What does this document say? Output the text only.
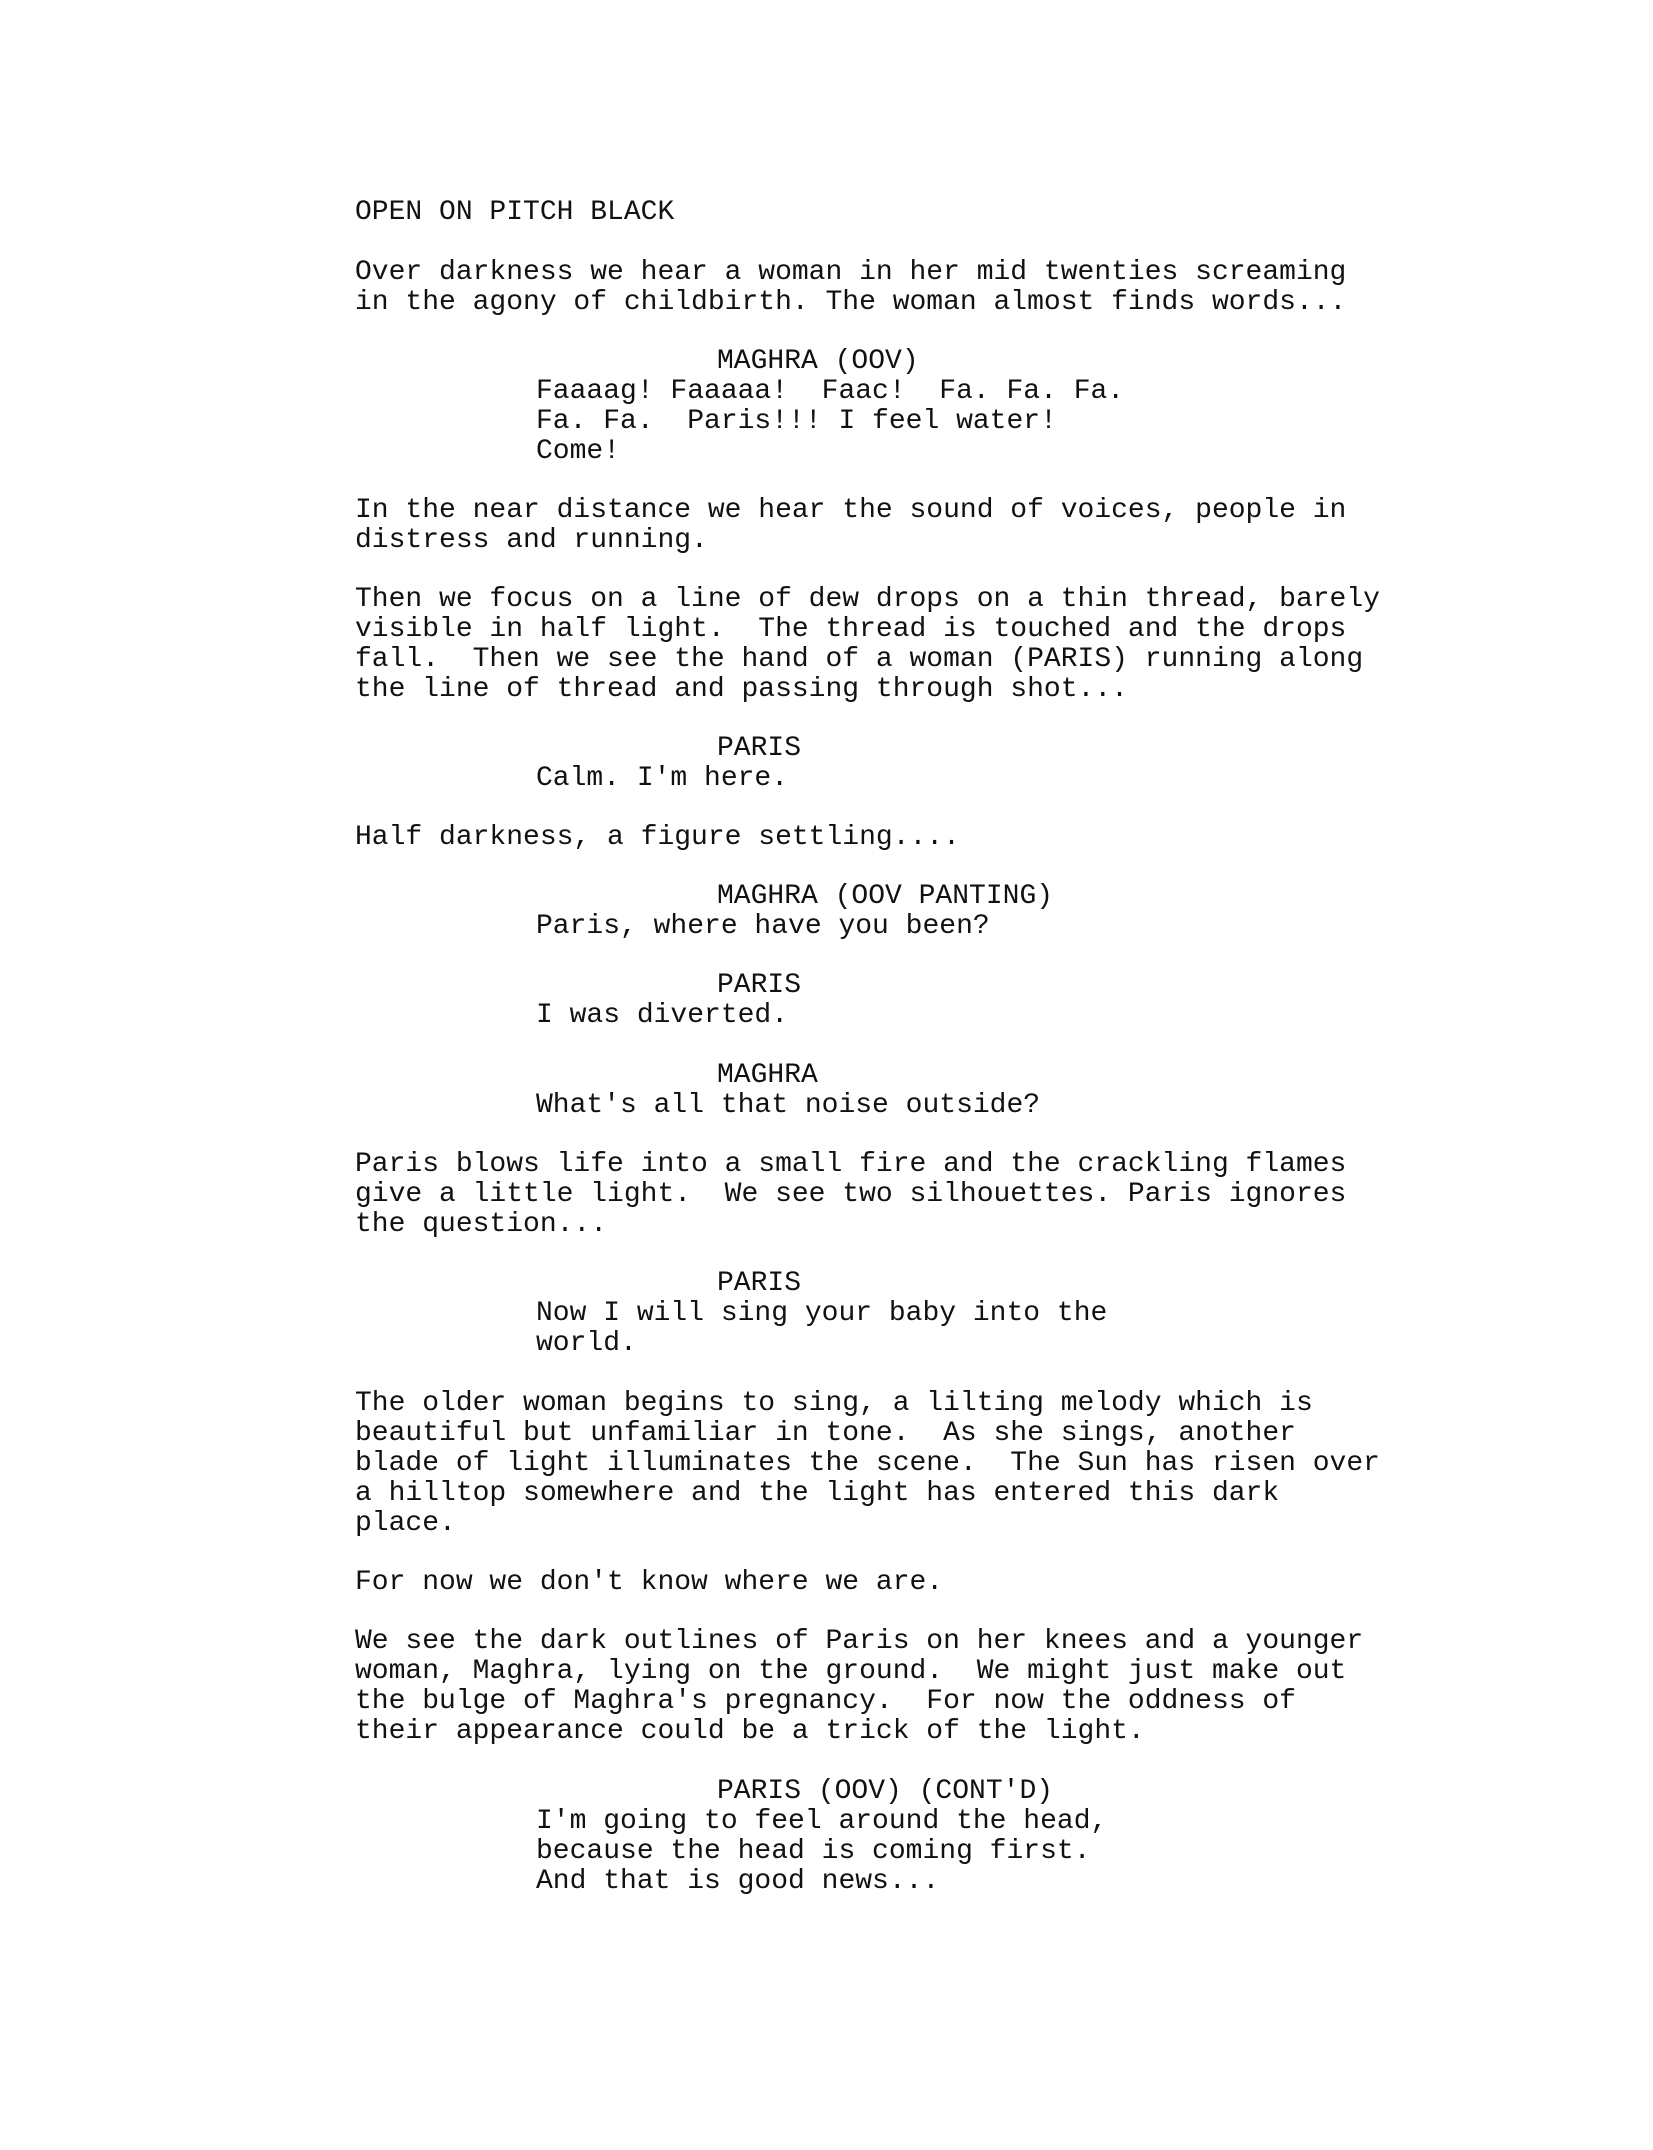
OPEN ON PITCH BLACK
Over darkness we hear a woman in her mid twenties screaming
in the agony of childbirth. The woman almost finds words...
MAGHRA (OOV)
Faaaag! Faaaaa!  Faac!  Fa. Fa. Fa.
Fa. Fa.  Paris!!! I feel water!
Come!
In the near distance we hear the sound of voices, people in
distress and running.
Then we focus on a line of dew drops on a thin thread, barely
visible in half light.  The thread is touched and the drops
fall.  Then we see the hand of a woman (PARIS) running along
the line of thread and passing through shot...
PARIS
Calm. I'm here.
Half darkness, a figure settling....
MAGHRA (OOV PANTING)
Paris, where have you been?
PARIS
I was diverted.
MAGHRA
What's all that noise outside?
Paris blows life into a small fire and the crackling flames
give a little light.  We see two silhouettes. Paris ignores
the question...
PARIS
Now I will sing your baby into the
world.
The older woman begins to sing, a lilting melody which is
beautiful but unfamiliar in tone.  As she sings, another
blade of light illuminates the scene.  The Sun has risen over
a hilltop somewhere and the light has entered this dark
place.
For now we don't know where we are.
We see the dark outlines of Paris on her knees and a younger
woman, Maghra, lying on the ground.  We might just make out
the bulge of Maghra's pregnancy.  For now the oddness of
their appearance could be a trick of the light.
PARIS (OOV) (CONT'D)
I'm going to feel around the head,
because the head is coming first.
And that is good news...
